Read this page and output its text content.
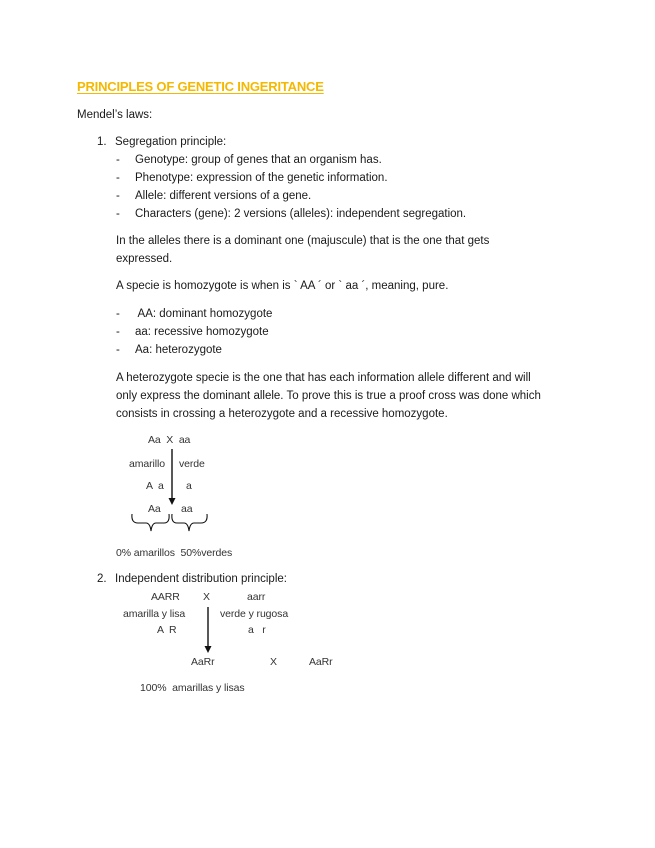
PRINCIPLES OF GENETIC INGERITANCE

Mendel’s laws:

1. Segregation principle:
- Genotype: group of genes that an organism has.
- Phenotype: expression of the genetic information.
- Allele: different versions of a gene.
- Characters (gene): 2 versions (alleles): independent segregation.

In the alleles there is a dominant one (majuscule) that is the one that gets

expressed.

A specie is homozygote is when is ` AA ´ or ` aa ´, meaning, pure.

- AA: dominant homozygote
- aa: recessive homozygote
- Aa: heterozygote

A heterozygote specie is the one that has each information allele different and will

only express the dominant allele. To prove this is true a proof cross was done which

consists in crossing a heterozygote and a recessive homozygote.

Aa  X  aa
amarillo verde
A  a a
Aa aa
0% amarillos  50%verdes
2. Independent distribution principle:
AARR X	aarr
amarilla y lisa	verde y rugosa
A  R	a   r
AaRr	X	AaRr
100%  amarillas y lisas
